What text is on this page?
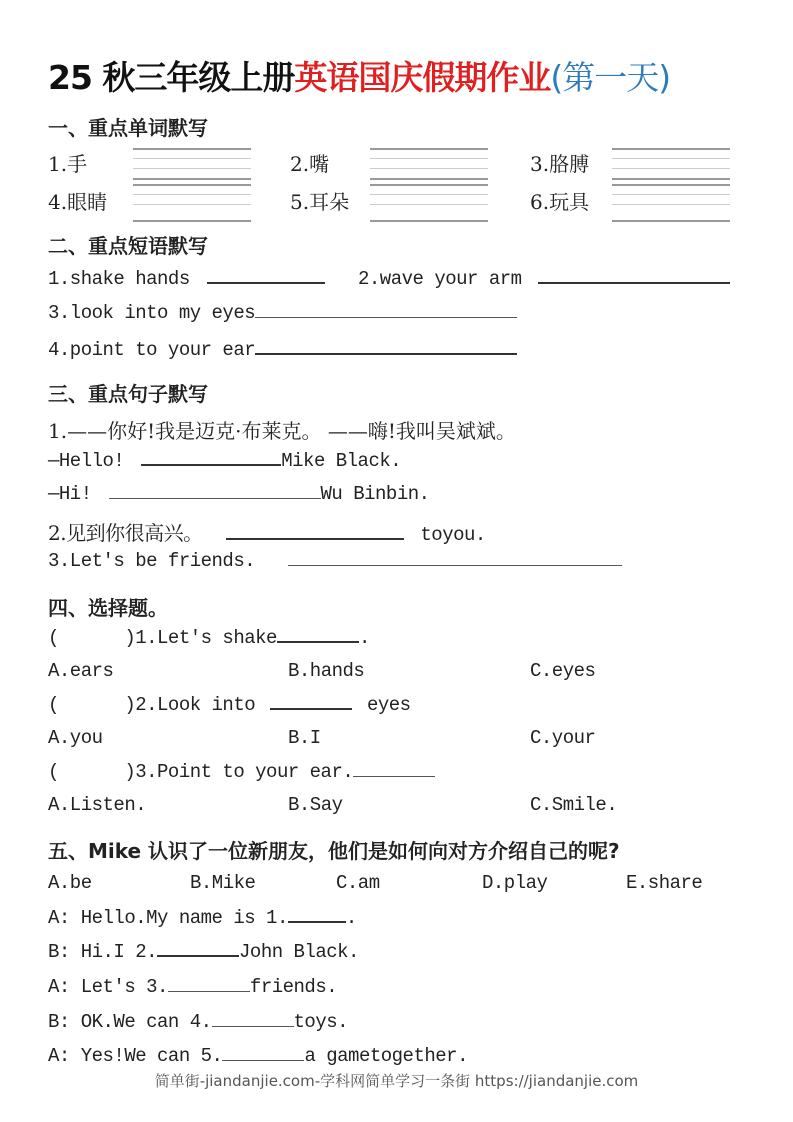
25 秋三年级上册英语国庆假期作业(第一天)
一、重点单词默写
1.手	2.嘴	3.胳膊
4.眼睛	5.耳朵	6.玩具
二、重点短语默写
1.shake hands	2.wave your arm
3.look into my eyes
4.point to your ear
三、重点句子默写
1.——你好!我是迈克·布莱克。 ——嗨!我叫吴斌斌。
—Hello!	Mike Black.
—Hi!	Wu Binbin.
2.见到你很高兴。	toyou.
3.Let's be friends.
四、选择题。
(      )1.Let's shake	.
A.ears	B.hands	C.eyes
(      )2.Look into	eyes
A.you	B.I	C.your
(      )3.Point to your ear.
A.Listen.	B.Say	C.Smile.
五、Mike 认识了一位新朋友，他们是如何向对方介绍自己的呢?
A.be	B.Mike	C.am	D.play	E.share
A: Hello.My name is 1.	.
B: Hi.I 2.	John Black.
A: Let's 3.	friends.
B: OK.We can 4.	toys.
A: Yes!We can 5.	a gametogether.
简单街-jiandanjie.com-学科网简单学习一条街 https://jiandanjie.com
